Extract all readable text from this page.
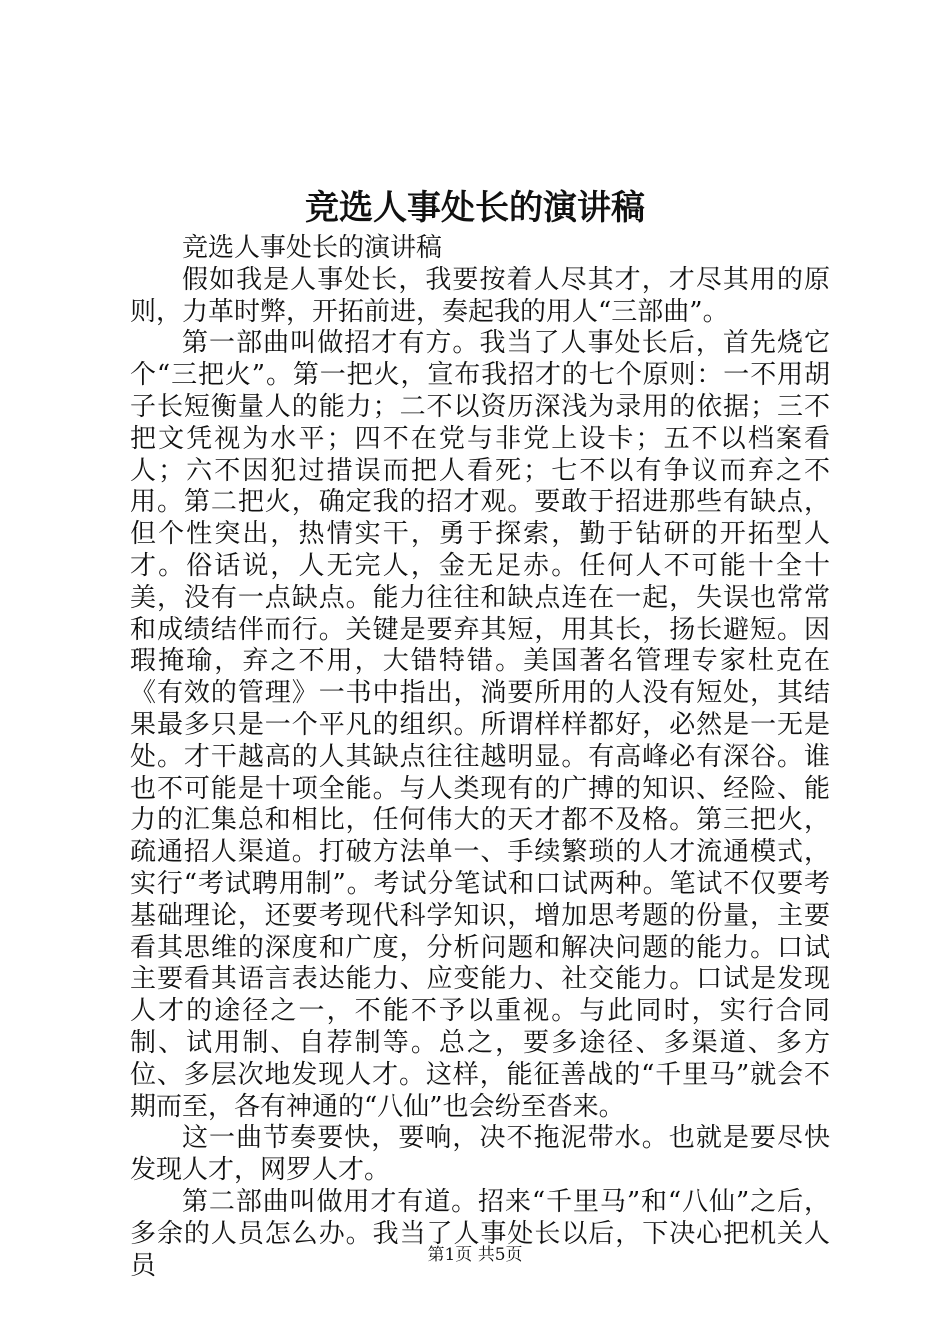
竞选人事处长的演讲稿

竞选人事处长的演讲稿

假如我是人事处长，我要按着人尽其才，才尽其用的原则，力革时弊，开拓前进，奏起我的用人“三部曲”。

第一部曲叫做招才有方。我当了人事处长后，首先烧它个“三把火”。第一把火，宣布我招才的七个原则：一不用胡子长短衡量人的能力；二不以资历深浅为录用的依据；三不把文凭视为水平；四不在党与非党上设卡；五不以档案看人；六不因犯过措误而把人看死；七不以有争议而弃之不用。第二把火，确定我的招才观。要敢于招进那些有缺点，但个性突出，热情实干，勇于探索，勤于钻研的开拓型人才。俗话说，人无完人，金无足赤。任何人不可能十全十美，没有一点缺点。能力往往和缺点连在一起，失误也常常和成绩结伴而行。关键是要弃其短，用其长，扬长避短。因瑕掩瑜，弃之不用，大错特错。美国著名管理专家杜克在《有效的管理》一书中指出，淌要所用的人没有短处，其结果最多只是一个平凡的组织。所谓样样都好，必然是一无是处。才干越高的人其缺点往往越明显。有高峰必有深谷。谁也不可能是十项全能。与人类现有的广搏的知识、经险、能力的汇集总和相比，任何伟大的天才都不及格。第三把火，疏通招人渠道。打破方法单一、手续繁琐的人才流通模式，实行“考试聘用制”。考试分笔试和口试两种。笔试不仅要考基础理论，还要考现代科学知识，增加思考题的份量，主要看其思维的深度和广度，分析问题和解决问题的能力。口试主要看其语言表达能力、应变能力、社交能力。口试是发现人才的途径之一，不能不予以重视。与此同时，实行合同制、试用制、自荐制等。总之，要多途径、多渠道、多方位、多层次地发现人才。这样，能征善战的“千里马”就会不期而至，各有神通的“八仙”也会纷至沓来。

这一曲节奏要快，要响，决不拖泥带水。也就是要尽快发现人才，网罗人才。

第二部曲叫做用才有道。招来“千里马”和“八仙”之后，多余的人员怎么办。我当了人事处长以后，下决心把机关人员	第1页 共5页
